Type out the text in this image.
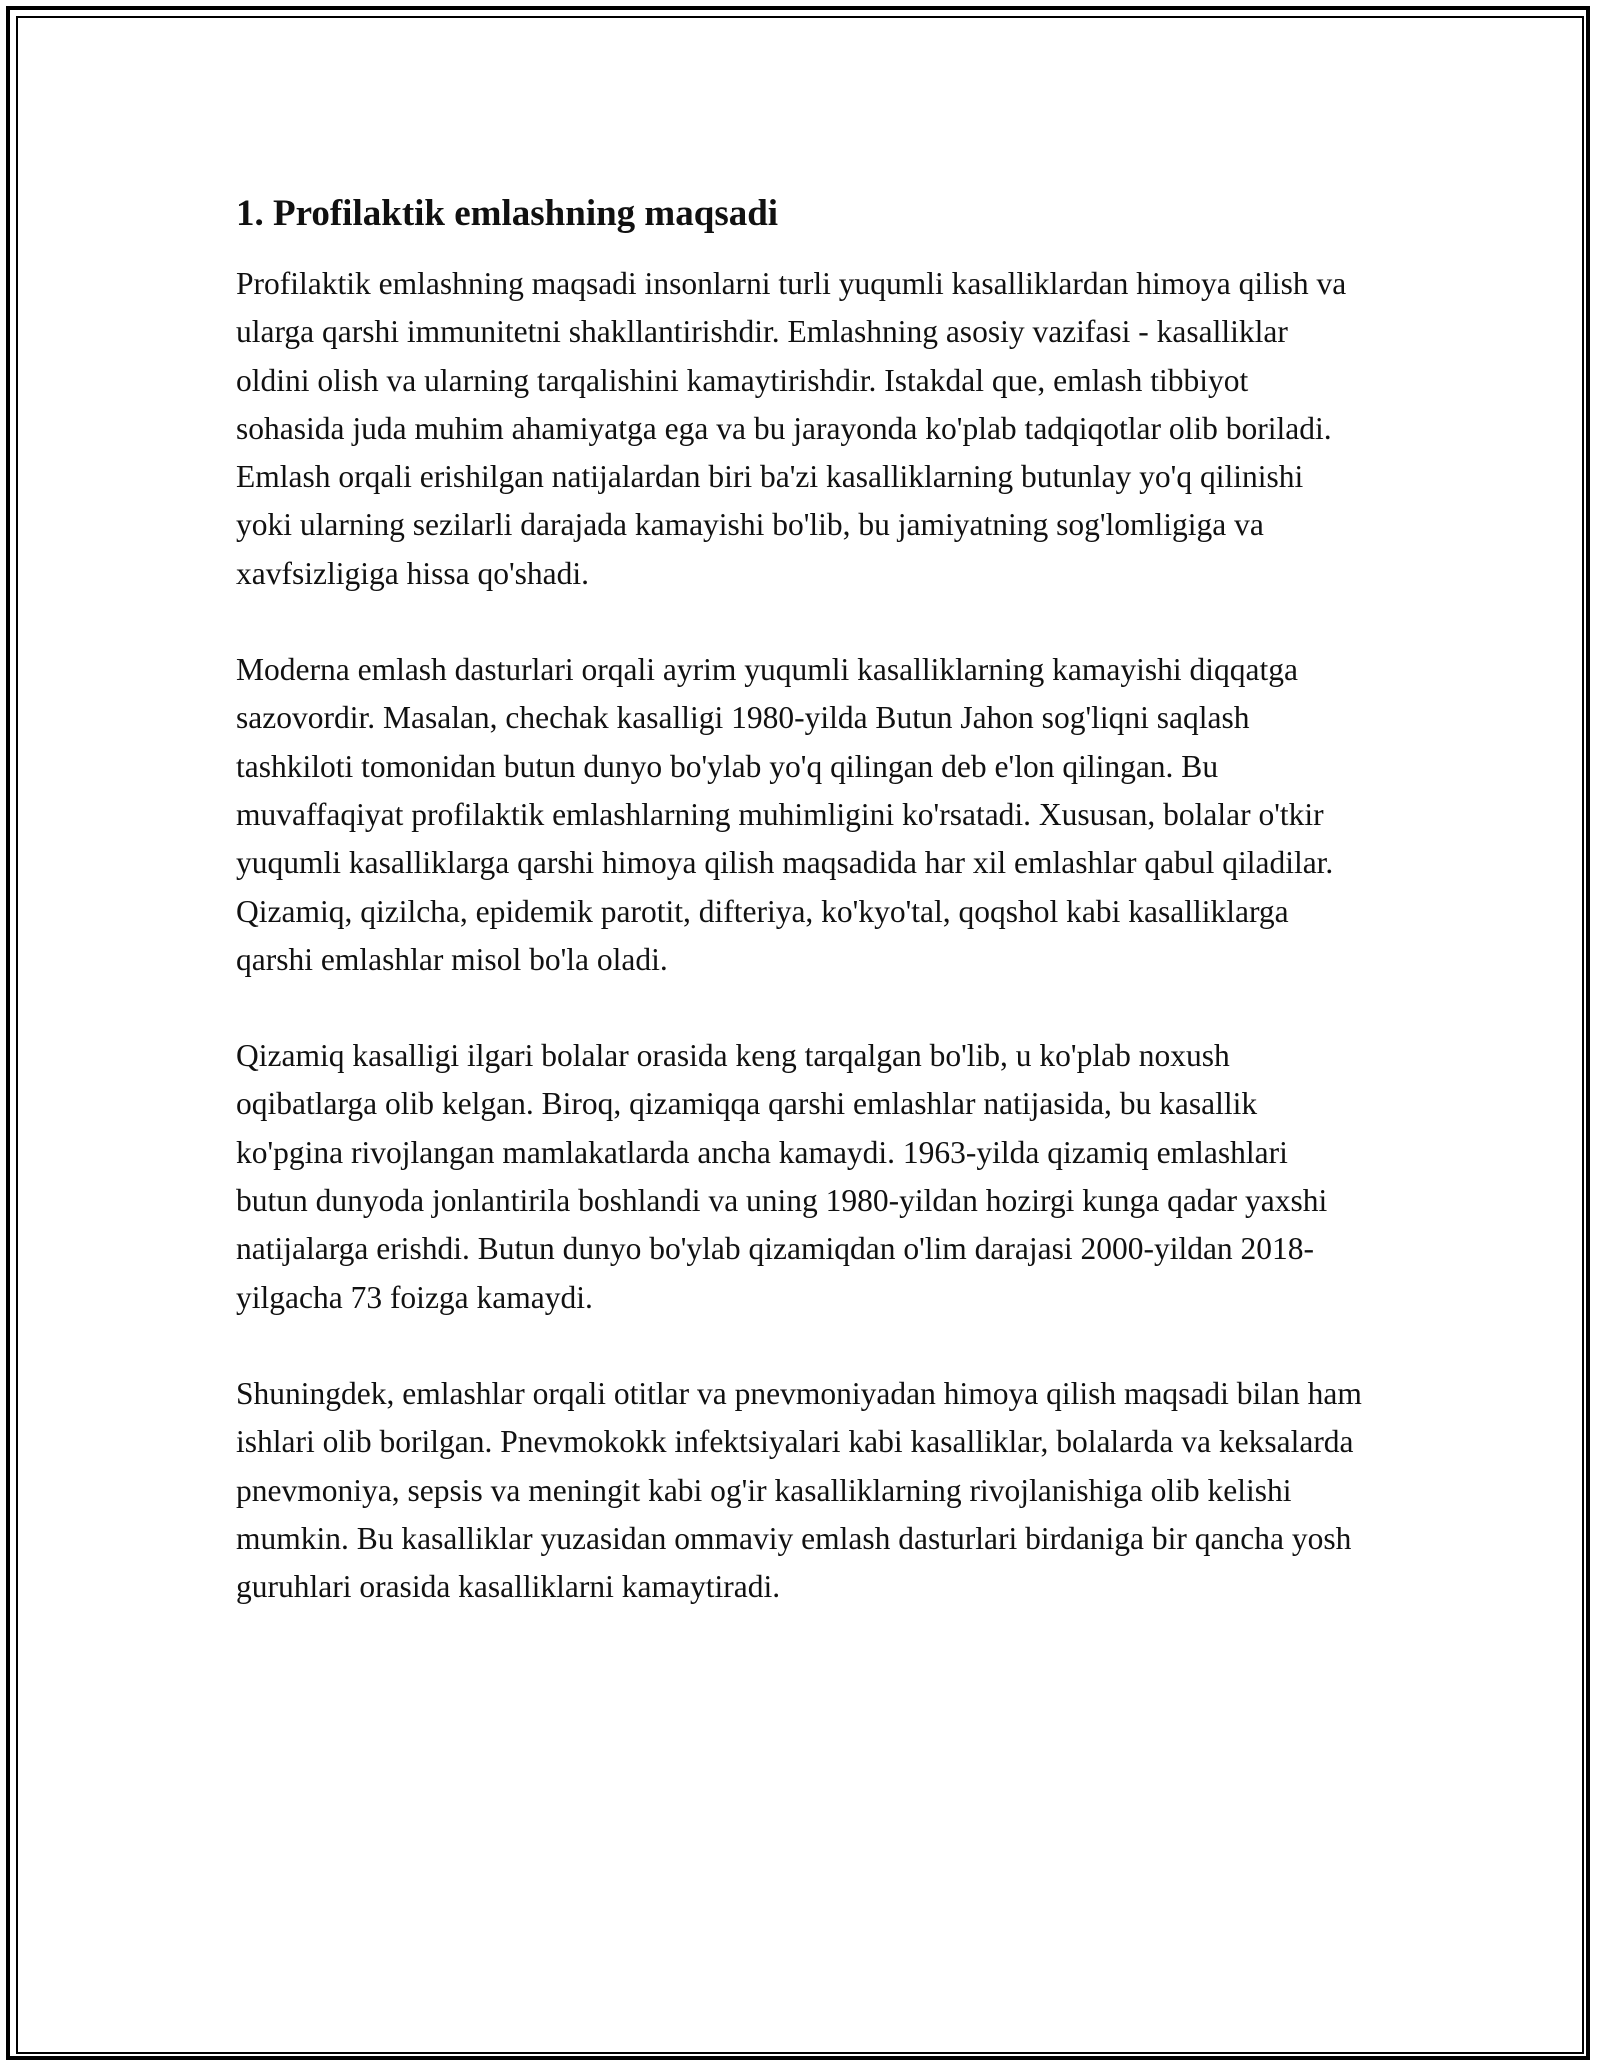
1. Profilaktik emlashning maqsadi

Profilaktik emlashning maqsadi insonlarni turli yuqumli kasalliklardan himoya qilish va ularga qarshi immunitetni shakllantirishdir. Emlashning asosiy vazifasi - kasalliklar oldini olish va ularning tarqalishini kamaytirishdir. Istakdal que, emlash tibbiyot sohasida juda muhim ahamiyatga ega va bu jarayonda ko'plab tadqiqotlar olib boriladi. Emlash orqali erishilgan natijalardan biri ba'zi kasalliklarning butunlay yo'q qilinishi yoki ularning sezilarli darajada kamayishi bo'lib, bu jamiyatning sog'lomligiga va xavfsizligiga hissa qo'shadi.

Moderna emlash dasturlari orqali ayrim yuqumli kasalliklarning kamayishi diqqatga sazovordir. Masalan, chechak kasalligi 1980-yilda Butun Jahon sog'liqni saqlash tashkiloti tomonidan butun dunyo bo'ylab yo'q qilingan deb e'lon qilingan. Bu muvaffaqiyat profilaktik emlashlarning muhimligini ko'rsatadi. Xususan, bolalar o'tkir yuqumli kasalliklarga qarshi himoya qilish maqsadida har xil emlashlar qabul qiladilar. Qizamiq, qizilcha, epidemik parotit, difteriya, ko'kyo'tal, qoqshol kabi kasalliklarga qarshi emlashlar misol bo'la oladi.

Qizamiq kasalligi ilgari bolalar orasida keng tarqalgan bo'lib, u ko'plab noxush oqibatlarga olib kelgan. Biroq, qizamiqqa qarshi emlashlar natijasida, bu kasallik ko'pgina rivojlangan mamlakatlarda ancha kamaydi. 1963-yilda qizamiq emlashlari butun dunyoda jonlantirila boshlandi va uning 1980-yildan hozirgi kunga qadar yaxshi natijalarga erishdi. Butun dunyo bo'ylab qizamiqdan o'lim darajasi 2000-yildan 2018-yilgacha 73 foizga kamaydi.

Shuningdek, emlashlar orqali otitlar va pnevmoniyadan himoya qilish maqsadi bilan ham ishlari olib borilgan. Pnevmokokk infektsiyalari kabi kasalliklar, bolalarda va keksalarda pnevmoniya, sepsis va meningit kabi og'ir kasalliklarning rivojlanishiga olib kelishi mumkin. Bu kasalliklar yuzasidan ommaviy emlash dasturlari birdaniga bir qancha yosh guruhlari orasida kasalliklarni kamaytiradi.
